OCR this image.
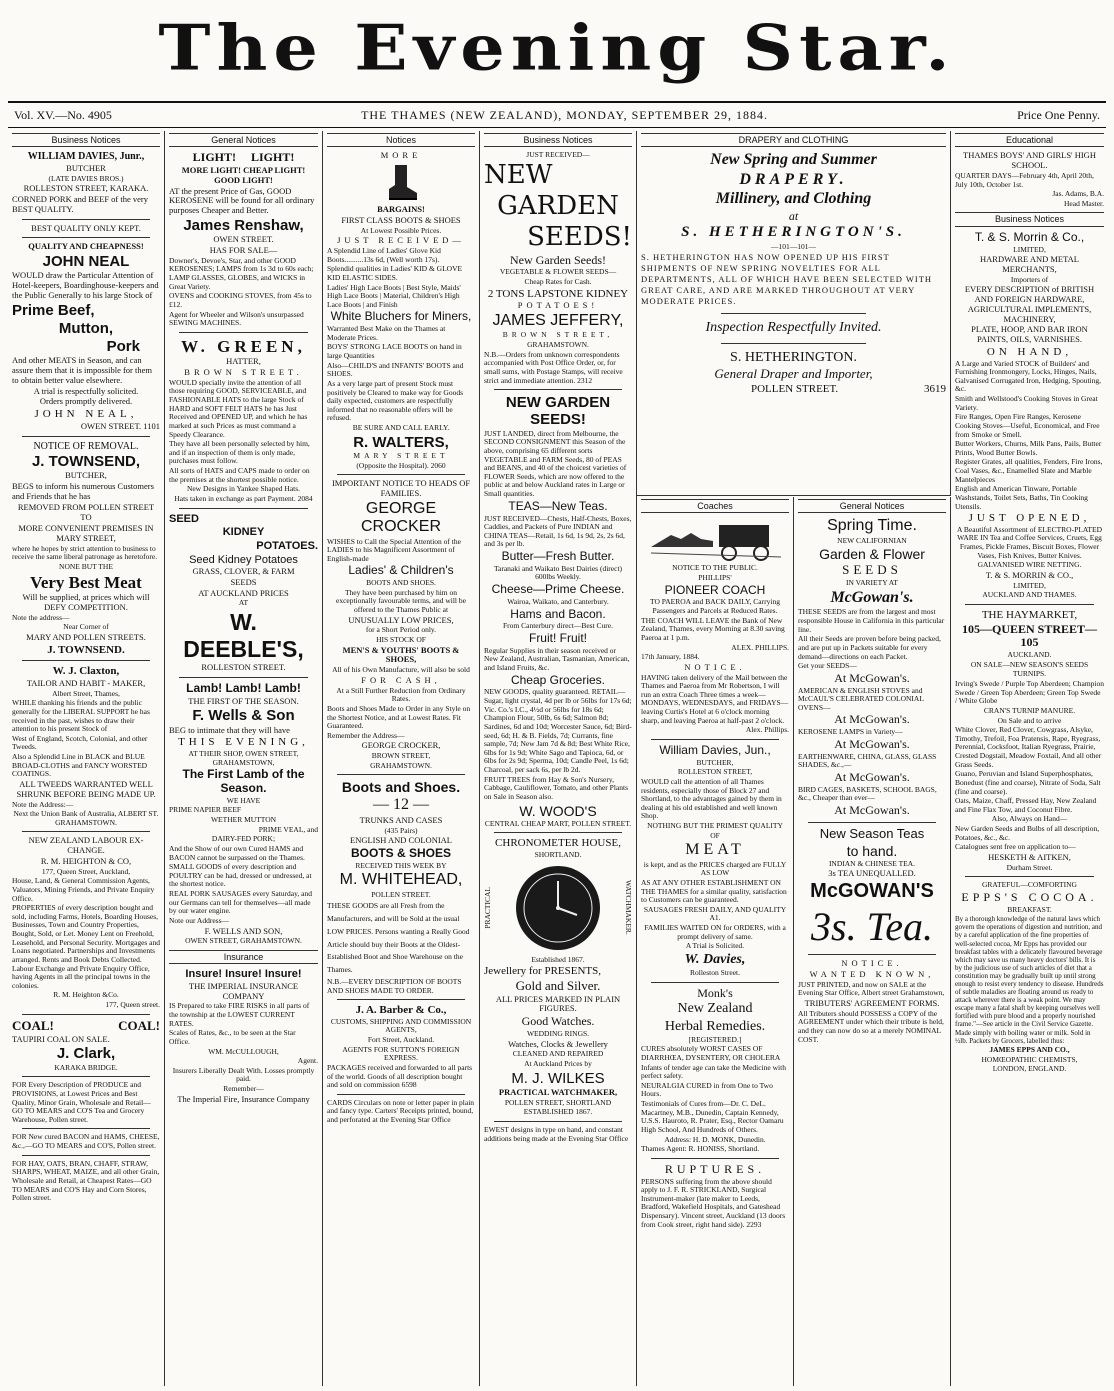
The Evening Star.
Vol. XV.—No. 4905	THE THAMES (NEW ZEALAND), MONDAY, SEPTEMBER 29, 1884.	Price One Penny.
Business Notices

WILLIAM DAVIES, Junr.,

BUTCHER

(LATE DAVIES BROS.)

ROLLESTON STREET, KARAKA.

CORNED PORK and BEEF of the very BEST QUALITY.

BEST QUALITY ONLY KEPT.

QUALITY AND CHEAPNESS!

JOHN NEAL

WOULD draw the Particular Attention of Hotel-keepers, Boardinghouse-keepers and the Public Generally to his large Stock of

Prime Beef,

Mutton,

Pork

And other MEATS in Season, and can assure them that it is impossible for them to obtain better value elsewhere.

A trial is respectfully solicited.

Orders promptly delivered.

JOHN NEAL,

OWEN STREET. 1101

NOTICE OF REMOVAL.

J. TOWNSEND,

BUTCHER,

BEGS to inform his numerous Customers and Friends that he has

REMOVED FROM POLLEN STREET

TO

MORE CONVENIENT PREMISES IN MARY STREET,

where he hopes by strict attention to business to receive the same liberal patronage as heretofore.

NONE BUT THE

Very Best Meat

Will be supplied, at prices which will DEFY COMPETITION.

Note the address—

Near Corner of

MARY AND POLLEN STREETS.

J. TOWNSEND.

W. J. Claxton,

TAILOR AND HABIT - MAKER,

Albert Street, Thames,

WHILE thanking his friends and the public generally for the LIBERAL SUPPORT he has received in the past, wishes to draw their attention to his present Stock of

West of England, Scotch, Colonial, and other Tweeds.

Also a Splendid Line in BLACK and BLUE BROAD-CLOTHS and FANCY WORSTED COATINGS.

ALL TWEEDS WARRANTED WELL SHRUNK BEFORE BEING MADE UP.

Note the Address:—

Next the Union Bank of Australia, ALBERT ST. GRAHAMSTOWN.

NEW ZEALAND LABOUR EX-CHANGE.

R. M. HEIGHTON & CO,

177, Queen Street, Auckland,

House, Land, & General Commission Agents, Valuators, Mining Friends, and Private Enquiry Office.

PROPERTIES of every description bought and sold, including Farms, Hotels, Boarding Houses, Businesses, Town and Country Properties, Bought, Sold, or Let. Money Lent on Freehold, Leasehold, and Personal Security. Mortgages and Loans negotiated. Partnerships and Investments arranged. Rents and Book Debts Collected. Labour Exchange and Private Enquiry Office, having Agents in all the principal towns in the colonies.

R. M. Heighton &Co.

177, Queen street.

COAL!	COAL!

TAUPIRI COAL ON SALE.

J. Clark,

KARAKA BRIDGE.

FOR Every Description of PRODUCE and PROVISIONS, at Lowest Prices and Best Quality, Minor Grain, Wholesale and Retail—GO TO MEARS and CO'S Tea and Grocery Warehouse, Pollen street.

FOR New cured BACON and HAMS, CHEESE, &c.,—GO TO MEARS and CO'S, Pollen street.

FOR HAY, OATS, BRAN, CHAFF, STRAW, SHARPS, WHEAT, MAIZE, and all other Grain, Wholesale and Retail, at Cheapest Rates—GO TO MEARS and CO'S Hay and Corn Stores, Pollen street.

General Notices

LIGHT!     LIGHT!

MORE LIGHT! CHEAP LIGHT! GOOD LIGHT!

AT the present Price of Gas, GOOD KEROSENE will be found for all ordinary purposes Cheaper and Better.

James Renshaw,

OWEN STREET.

HAS FOR SALE—

Downer's, Devoe's, Star, and other GOOD KEROSENES; LAMPS from 1s 3d to 60s each; LAMP GLASSES, GLOBES, and WICKS in Great Variety.

OVENS and COOKING STOVES, from 45s to £12.

Agent for Wheeler and Wilson's unsurpassed SEWING MACHINES.

W. GREEN,

HATTER,

BROWN STREET.

WOULD specially invite the attention of all those requiring GOOD, SERVICEABLE, and FASHIONABLE HATS to the large Stock of HARD and SOFT FELT HATS he has Just Received and OPENED UP, and which he has marked at such Prices as must command a Speedy Clearance.

They have all been personally selected by him, and if an inspection of them is only made, purchases must follow.

All sorts of HATS and CAPS made to order on the premises at the shortest possible notice.

New Designs in Yankee Shaped Hats.

Hats taken in exchange as part Payment. 2084

SEED

KIDNEY

POTATOES.

Seed Kidney Potatoes

GRASS, CLOVER, & FARM

SEEDS

AT AUCKLAND PRICES

AT

W. DEEBLE'S,

ROLLESTON STREET.

Lamb! Lamb! Lamb!

THE FIRST OF THE SEASON.

F. Wells & Son

BEG to intimate that they will have

THIS EVENING,

AT THEIR SHOP, OWEN STREET, GRAHAMSTOWN,

The First Lamb of the Season.

WE HAVE

PRIME NAPIER BEEF

WETHER MUTTON

PRIME VEAL, and

DAIRY-FED PORK;

And the Show of our own Cured HAMS and BACON cannot be surpassed on the Thames.

SMALL GOODS of every description and POULTRY can be had, dressed or undressed, at the shortest notice.

REAL PORK SAUSAGES every Saturday, and our Germans can tell for themselves—all made by our water engine.

Note our Address—

F. WELLS AND SON,

OWEN STREET, GRAHAMSTOWN.

Insurance

Insure! Insure! Insure!

THE IMPERIAL INSURANCE COMPANY

IS Prepared to take FIRE RISKS in all parts of the township at the LOWEST CURRENT RATES.

Scales of Rates, &c., to be seen at the Star Office.

WM. McCULLOUGH,

Agent.

Insurers Liberally Dealt With. Losses promptly paid.

Remember—

The Imperial Fire, Insurance Company

Notices

MORE

BARGAINS!

FIRST CLASS BOOTS & SHOES

At Lowest Possible Prices.

JUST RECEIVED—

A Splendid Line of Ladies' Glove Kid Boots..........13s 6d, (Well worth 17s).

Splendid qualities in Ladies' KID & GLOVE KID ELASTIC SIDES.

Ladies' High Lace Boots | Best Style, Maids' High Lace Boots | Material, Children's High Lace Boots | and Finish

White Bluchers for Miners,

Warranted Best Make on the Thames at Moderate Prices.

BOYS' STRONG LACE BOOTS on hand in large Quantities

Also—CHILD'S and INFANTS' BOOTS and SHOES.

As a very large part of present Stock must positively be Cleared to make way for Goods daily expected, customers are respectfully informed that no reasonable offers will be refused.

BE SURE AND CALL EARLY.

R. WALTERS,

MARY STREET

(Opposite the Hospital). 2060

IMPORTANT NOTICE TO HEADS OF FAMILIES.

GEORGE CROCKER

WISHES to Call the Special Attention of the LADIES to his Magnificent Assortment of English-made

Ladies' & Children's

BOOTS AND SHOES.

They have been purchased by him on exceptionally favourable terms, and will be offered to the Thames Public at

UNUSUALLY LOW PRICES,

for a Short Period only.

HIS STOCK OF

MEN'S & YOUTHS' BOOTS & SHOES,

All of his Own Manufacture, will also be sold

FOR CASH,

At a Still Further Reduction from Ordinary Rates.

Boots and Shoes Made to Order in any Style on the Shortest Notice, and at Lowest Rates. Fit Guaranteed.

Remember the Address—

GEORGE CROCKER,

BROWN STREET,

GRAHAMSTOWN.

Boots and Shoes.

— 12 —

TRUNKS AND CASES

(435 Pairs)

ENGLISH AND COLONIAL

BOOTS & SHOES

RECEIVED THIS WEEK BY

M. WHITEHEAD,

POLLEN STREET.

THESE GOODS are all Fresh from the Manufacturers, and will be Sold at the usual LOW PRICES. Persons wanting a Really Good Article should buy their Boots at the Oldest-Established Boot and Shoe Warehouse on the Thames.

N.B.—EVERY DESCRIPTION OF BOOTS AND SHOES MADE TO ORDER.

J. A. Barber & Co.,

CUSTOMS, SHIPPING AND COMMISSION AGENTS,

Fort Street, Auckland.

AGENTS FOR SUTTON'S FOREIGN EXPRESS.

PACKAGES received and forwarded to all parts of the world. Goods of all description bought and sold on commission 6598

CARDS Circulars on note or letter paper in plain and fancy type. Carters' Receipts printed, bound, and perforated at the Evening Star Office

Business Notices

JUST RECEIVED—

NEW

GARDEN

SEEDS!

New Garden Seeds!

VEGETABLE & FLOWER SEEDS—

Cheap Rates for Cash.

2 TONS LAPSTONE KIDNEY

POTATOES!

JAMES JEFFERY,

BROWN STREET,

GRAHAMSTOWN.

N.B.—Orders from unknown correspondents accompanied with Post Office Order, or, for small sums, with Postage Stamps, will receive strict and immediate attention. 2312

NEW GARDEN SEEDS!

JUST LANDED, direct from Melbourne, the SECOND CONSIGNMENT this Season of the above, comprising 65 different sorts VEGETABLE and FARM Seeds, 80 of PEAS and BEANS, and 40 of the choicest varieties of FLOWER Seeds, which are now offered to the public at and below Auckland rates in Large or Small quantities.

TEAS—New Teas.

JUST RECEIVED—Chests, Half-Chests, Boxes, Caddies, and Packets of Pure INDIAN and CHINA TEAS—Retail, 1s 6d, 1s 9d, 2s, 2s 6d, and 3s per lb.

Butter—Fresh Butter.

Taranaki and Waikato Best Dairies (direct) 600lbs Weekly.

Cheese—Prime Cheese.

Wairoa, Waikato, and Canterbury.

Hams and Bacon.

From Canterbury direct—Best Cure.

Fruit! Fruit!

Regular Supplies in their season received or New Zealand, Australian, Tasmanian, American, and Island Fruits, &c.

Cheap Groceries.

NEW GOODS, quality guaranteed. RETAIL—Sugar, light crystal, 4d per lb or 56lbs for 17s 6d; Vic. Co.'s I.C., 4½d or 56lbs for 18s 6d; Champion Flour, 50lb, 6s 6d; Salmon 8d; Sardines, 6d and 10d; Worcester Sauce, 6d; Bird-seed, 6d; H. & B. Fields, 7d; Currants, fine sample, 7d; New Jam 7d & 8d; Best White Rice, 6lbs for 1s 9d; White Sago and Tapioca, 6d, or 6lbs for 2s 9d; Sperma, 10d; Candle Peel, 1s 6d; Charcoal, per sack 6s, per lb 2d.

FRUIT TREES from Hay & Son's Nursery, Cabbage, Cauliflower, Tomato, and other Plants on Sale in Season also.

W. WOOD'S

CENTRAL CHEAP MART, POLLEN STREET.

CHRONOMETER HOUSE,

SHORTLAND.

PRACTICAL	WATCHMAKER.

Established 1867.

Jewellery for PRESENTS,

Gold and Silver.

ALL PRICES MARKED IN PLAIN FIGURES.

Good Watches.

WEDDING RINGS.

Watches, Clocks & Jewellery

CLEANED AND REPAIRED

At Auckland Prices by

M. J. WILKES

PRACTICAL WATCHMAKER,

POLLEN STREET, SHORTLAND

ESTABLISHED 1867.

EWEST designs in type on hand, and constant additions being made at the Evening Star Office

DRAPERY and CLOTHING

New Spring and Summer

DRAPERY.

Millinery, and Clothing

at

S. HETHERINGTON'S.

—101—101—

S. HETHERINGTON HAS NOW OPENED UP HIS FIRST SHIPMENTS OF NEW SPRING NOVELTIES FOR ALL DEPARTMENTS, ALL OF WHICH HAVE BEEN SELECTED WITH GREAT CARE, AND ARE MARKED THROUGHOUT AT VERY MODERATE PRICES.

Inspection Respectfully Invited.

S. HETHERINGTON.

General Draper and Importer,

POLLEN STREET.	3619

Coaches

NOTICE TO THE PUBLIC.

PHILLIPS'

PIONEER COACH

TO PAEROA and BACK DAILY, Carrying Passengers and Parcels at Reduced Rates.

THE COACH WILL LEAVE the Bank of New Zealand, Thames, every Morning at 8.30 saving Paeroa at 1 p.m.

ALEX. PHILLIPS.

17th January, 1884.

NOTICE.

HAVING taken delivery of the Mail between the Thames and Paeroa from Mr Robertson, I will run an extra Coach Three times a week—MONDAYS, WEDNESDAYS, and FRIDAYS—leaving Curtis's Hotel at 6 o'clock morning sharp, and leaving Paeroa at half-past 2 o'clock.

Alex. Phillips.

William Davies, Jun.,

BUTCHER,

ROLLESTON STREET,

WOULD call the attention of all Thames residents, especially those of Block 27 and Shortland, to the advantages gained by them in dealing at his old established and well known Shop.

NOTHING BUT THE PRIMEST QUALITY

OF

MEAT

is kept, and as the PRICES charged are FULLY AS LOW

AS AT ANY OTHER ESTABLISHMENT ON THE THAMES for a similar quality, satisfaction to Customers can be guaranteed.

SAUSAGES FRESH DAILY, AND QUALITY A1.

FAMILIES WAITED ON for ORDERS, with a prompt delivery of same.

A Trial is Solicited.

W. Davies,

Rolleston Street.

Monk's

New Zealand

Herbal Remedies.

[REGISTERED.]

CURES absolutely WORST CASES OF DIARRHŒA, DYSENTERY, OR CHOLERA

Infants of tender age can take the Medicine with perfect safety.

NEURALGIA CURED in from One to Two Hours.

Testimonials of Cures from—Dr. C. DeL. Macartney, M.B., Dunedin, Captain Kennedy, U.S.S. Hauroto, R. Prater, Esq., Rector Oamaru High School, And Hundreds of Others.

Address: H. D. MONK, Dunedin.

Thames Agent: R. HONISS, Shortland.

RUPTURES.

PERSONS suffering from the above should apply to J. F. R. STRICKLAND, Surgical Instrument-maker (late maker to Leeds, Bradford, Wakefield Hospitals, and Gateshead Dispensary). Vincent street, Auckland (13 doors from Cook street, right hand side). 2293

General Notices

Spring Time.

NEW CALIFORNIAN

Garden & Flower

SEEDS

IN VARIETY AT

McGowan's.

THESE SEEDS are from the largest and most responsible House in California in this particular line.

All their Seeds are proven before being packed, and are put up in Packets suitable for every demand—directions on each Packet.

Get your SEEDS—

At McGowan's.

AMERICAN & ENGLISH STOVES and McCAUL'S CELEBRATED COLONIAL OVENS—

At McGowan's.

KEROSENE LAMPS in Variety—

At McGowan's.

EARTHENWARE, CHINA, GLASS, GLASS SHADES, &c.,—

At McGowan's.

BIRD CAGES, BASKETS, SCHOOL BAGS, &c., Cheaper than ever—

At McGowan's.

New Season Teas

to hand.

INDIAN & CHINESE TEA.

3s TEA UNEQUALLED.

McGOWAN'S

3s. Tea.

NOTICE.

WANTED KNOWN,

JUST PRINTED, and now on SALE at the Evening Star Office, Albert street Grahamstown,

TRIBUTERS' AGREEMENT FORMS.

All Tributers should POSSESS a COPY of the AGREEMENT under which their tribute is held, and they can now do so at a merely NOMINAL COST.

Educational

THAMES BOYS' AND GIRLS' HIGH SCHOOL.

QUARTER DAYS—February 4th, April 20th, July 10th, October 1st.

Jas. Adams, B.A.

Head Master.

Business Notices

T. & S. Morrin & Co.,

LIMITED,

HARDWARE AND METAL MERCHANTS,

Importers of

EVERY DESCRIPTION of BRITISH AND FOREIGN HARDWARE, AGRICULTURAL IMPLEMENTS, MACHINERY,

PLATE, HOOP, AND BAR IRON PAINTS, OILS, VARNISHES.

ON HAND,

A Large and Varied STOCK of Builders' and Furnishing Ironmongery, Locks, Hinges, Nails, Galvanised Corrugated Iron, Hedging, Spouting, &c.

Smith and Wellstood's Cooking Stoves in Great Variety.

Fire Ranges, Open Fire Ranges, Kerosene Cooking Stoves—Useful, Economical, and Free from Smoke or Smell.

Butter Workers, Churns, Milk Pans, Pails, Butter Prints, Wood Butter Bowls.

Register Grates, all qualities, Fenders, Fire Irons, Coal Vases, &c., Enamelled Slate and Marble Mantelpieces

English and American Tinware, Portable Washstands, Toilet Sets, Baths, Tin Cooking Utensils.

JUST OPENED,

A Beautiful Assortment of ELECTRO-PLATED WARE IN Tea and Coffee Services, Cruets, Egg Frames, Pickle Frames, Biscuit Boxes, Flower Vases, Fish Knives, Butter Knives.

GALVANISED WIRE NETTING.

T. & S. MORRIN & CO.,

LIMITED,

AUCKLAND AND THAMES.

THE HAYMARKET,

105—QUEEN STREET—105

AUCKLAND.

ON SALE—NEW SEASON'S SEEDS

TURNIPS.

Irving's Swede / Purple Top Aberdeen; Champion Swede / Green Top Aberdeen; Green Top Swede / White Globe

CRAN'S TURNIP MANURE.

On Sale and to arrive

White Clover, Red Clover, Cowgrass, Alsyke, Timothy, Trefoil, Foa Pratensis, Rape, Ryegrass, Perennial, Cocksfoot, Italian Ryegrass, Prairie, Crested Dogstail, Meadow Foxtail, And all other Grass Seeds.

Guano, Peruvian and Island Superphosphates, Bonedust (fine and coarse), Nitrate of Soda, Salt (fine and coarse).

Oats, Maize, Chaff, Pressed Hay, New Zealand and Fine Flax Tow, and Coconut Fibre.

Also, Always on Hand—

New Garden Seeds and Bulbs of all description, Potatoes, &c., &c.

Catalogues sent free on application to—

HESKETH & AITKEN,

Durham Street.

GRATEFUL—COMFORTING

EPPS'S COCOA.

BREAKFAST.

By a thorough knowledge of the natural laws which govern the operations of digestion and nutrition, and by a careful application of the fine properties of well-selected cocoa, Mr Epps has provided our breakfast tables with a delicately flavoured beverage which may save us many heavy doctors' bills. It is by the judicious use of such articles of diet that a constitution may be gradually built up until strong enough to resist every tendency to disease. Hundreds of subtle maladies are floating around us ready to attack wherever there is a weak point. We may escape many a fatal shaft by keeping ourselves well fortified with pure blood and a properly nourished frame."—See article in the Civil Service Gazette.

Made simply with boiling water or milk. Sold in ½lb. Packets by Grocers, labelled thus:

JAMES EPPS AND CO.,

HOMŒOPATHIC CHEMISTS,

LONDON, ENGLAND.
